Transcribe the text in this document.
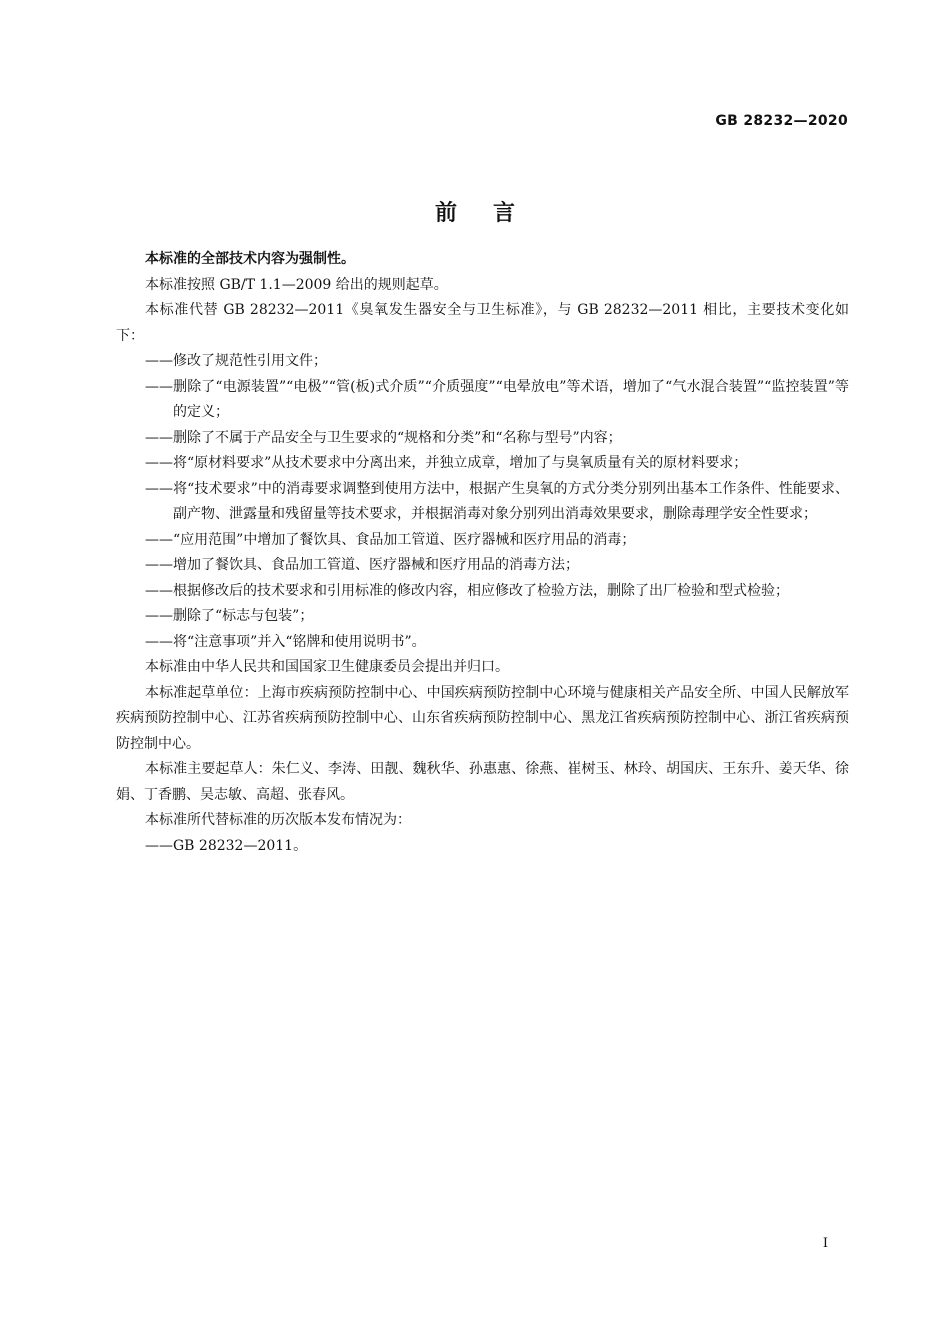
GB 28232—2020
前言

本标准的全部技术内容为强制性。

本标准按照 GB/T 1.1—2009 给出的规则起草。

本标准代替 GB 28232—2011《臭氧发生器安全与卫生标准》，与 GB 28232—2011 相比，主要技术变化如下：

——修改了规范性引用文件；

——删除了“电源装置”“电极”“管(板)式介质”“介质强度”“电晕放电”等术语，增加了“气水混合装置”“监控装置”等的定义；

——删除了不属于产品安全与卫生要求的“规格和分类”和“名称与型号”内容；

——将“原材料要求”从技术要求中分离出来，并独立成章，增加了与臭氧质量有关的原材料要求；

——将“技术要求”中的消毒要求调整到使用方法中，根据产生臭氧的方式分类分别列出基本工作条件、性能要求、副产物、泄露量和残留量等技术要求，并根据消毒对象分别列出消毒效果要求，删除毒理学安全性要求；

——“应用范围”中增加了餐饮具、食品加工管道、医疗器械和医疗用品的消毒；

——增加了餐饮具、食品加工管道、医疗器械和医疗用品的消毒方法；

——根据修改后的技术要求和引用标准的修改内容，相应修改了检验方法，删除了出厂检验和型式检验；

——删除了“标志与包装”；

——将“注意事项”并入“铭牌和使用说明书”。

本标准由中华人民共和国国家卫生健康委员会提出并归口。

本标准起草单位：上海市疾病预防控制中心、中国疾病预防控制中心环境与健康相关产品安全所、中国人民解放军疾病预防控制中心、江苏省疾病预防控制中心、山东省疾病预防控制中心、黑龙江省疾病预防控制中心、浙江省疾病预防控制中心。

本标准主要起草人：朱仁义、李涛、田靓、魏秋华、孙惠惠、徐燕、崔树玉、林玲、胡国庆、王东升、姜天华、徐娟、丁香鹏、吴志敏、高超、张春风。

本标准所代替标准的历次版本发布情况为：

——GB 28232—2011。

I
